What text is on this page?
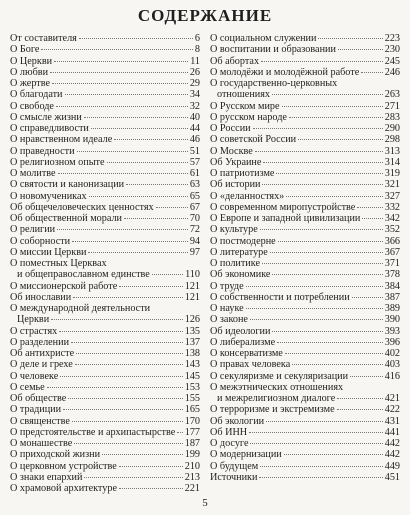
СОДЕРЖАНИЕ
От составителя	6
О Боге	8
О Церкви	11
О любви	26
О жертве	29
О благодати	34
О свободе	32
О смысле жизни	40
О справедливости	44
О нравственном идеале	46
О праведности	51
О религиозном опыте	57
О молитве	61
О святости и канонизации	63
О новомучениках	65
Об общечеловеческих ценностях	67
Об общественной морали	70
О религии	72
О соборности	94
О миссии Церкви	97
О поместных Церквах
и общеправославном единстве	110
О миссионерской работе	121
Об инославии	121
О международной деятельности
Церкви	126
О страстях	135
О разделении	137
Об антихристе	138
О деле и грехе	143
О человеке	145
О семье	153
Об обществе	155
О традиции	165
О священстве	170
О предстоятельстве и архипастырстве 177
О монашестве	187
О приходской жизни	199
О церковном устройстве	210
О знаки епархий	213
О храмовой архитектуре	221
О социальном служении	223
О воспитании и образовании	230
Об абортах	245
О молодёжи и молодёжной работе 246
О государственно-церковных
отношениях	263
О Русском мире	271
О русском народе	283
О России	290
О советской России	298
О Москве	313
Об Украине	314
О патриотизме	319
Об истории	321
О «деланностях»	327
О современном миропустройстве	332
О Европе и западной цивилизации 342
О культуре	352
О постмодерне	366
О литературе	367
О политике	371
Об экономике	378
О труде	384
О собственности и потреблении	387
О науке	389
О законе	390
Об идеологии	393
О либерализме	396
О консерватизме	402
О правах человека	403
О секуляризме и секуляризации	416
О межэтнических отношениях
и межрелигиозном диалоге	421
О терроризме и экстремизме	422
Об экологии	431
Об ИНН	441
О досуге	442
О модернизации	442
О будущем	449
Источники	451
5
